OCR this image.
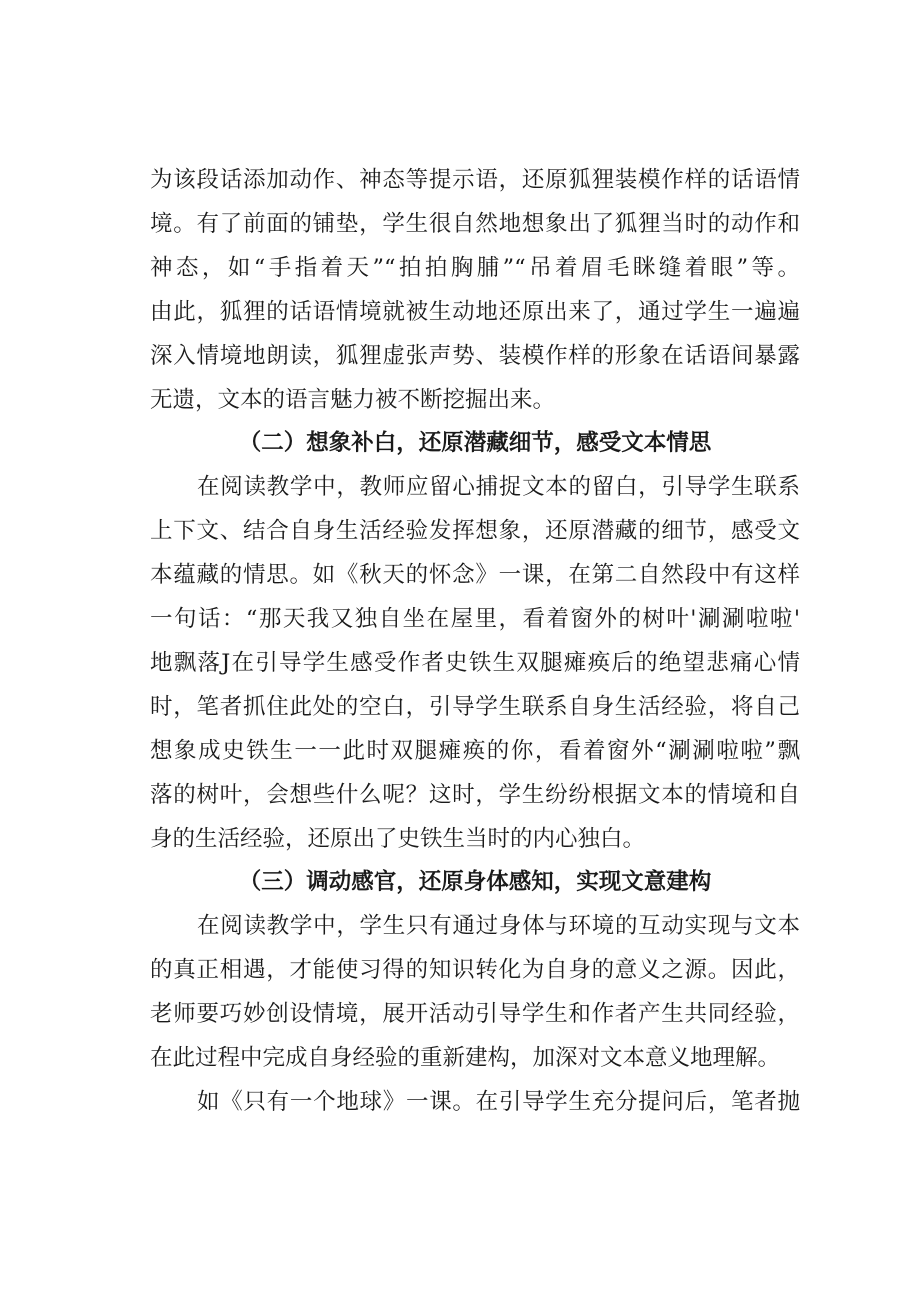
为该段话添加动作、神态等提示语，还原狐狸装模作样的话语情
境。有了前面的铺垫，学生很自然地想象出了狐狸当时的动作和
神态，如“手指着天”“拍拍胸脯”“吊着眉毛眯缝着眼”等。
由此，狐狸的话语情境就被生动地还原出来了，通过学生一遍遍
深入情境地朗读，狐狸虚张声势、装模作样的形象在话语间暴露
无遗，文本的语言魅力被不断挖掘出来。
（二）想象补白，还原潜藏细节，感受文本情思
在阅读教学中，教师应留心捕捉文本的留白，引导学生联系
上下文、结合自身生活经验发挥想象，还原潜藏的细节，感受文
本蕴藏的情思。如《秋天的怀念》一课，在第二自然段中有这样
一句话：“那天我又独自坐在屋里，看着窗外的树叶'涮涮啦啦'
地飘落J在引导学生感受作者史铁生双腿瘫痪后的绝望悲痛心情
时，笔者抓住此处的空白，引导学生联系自身生活经验，将自己
想象成史铁生一一此时双腿瘫痪的你，看着窗外“涮涮啦啦”飘
落的树叶，会想些什么呢？这时，学生纷纷根据文本的情境和自
身的生活经验，还原出了史铁生当时的内心独白。
（三）调动感官，还原身体感知，实现文意建构
在阅读教学中，学生只有通过身体与环境的互动实现与文本
的真正相遇，才能使习得的知识转化为自身的意义之源。因此，
老师要巧妙创设情境，展开活动引导学生和作者产生共同经验，
在此过程中完成自身经验的重新建构，加深对文本意义地理解。
如《只有一个地球》一课。在引导学生充分提问后，笔者抛
